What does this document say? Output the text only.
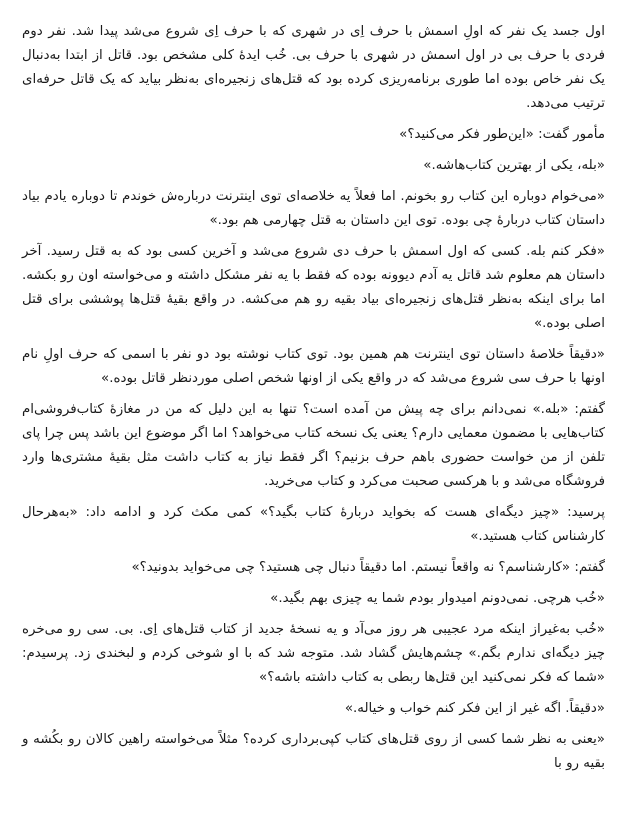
اول جسد یک نفر که اولِ اسمش با حرف اِی در شهری که با حرف اِی شروع می‌شد پیدا شد. نفر دوم فردی با حرف بی در اول اسمش در شهری با حرف بی. خُب ایدهٔ کلی مشخص بود. قاتل از ابتدا به‌دنبال یک نفر خاص بوده اما طوری برنامه‌ریزی کرده بود که قتل‌های زنجیره‌ای به‌نظر بیاید که یک قاتل حرفه‌ای ترتیب می‌دهد.

مأمور گفت: «این‌طور فکر می‌کنید؟»

«بله، یکی از بهترین کتاب‌هاشه.»

«می‌خوام دوباره این کتاب رو بخونم. اما فعلاً یه خلاصه‌ای توی اینترنت درباره‌ش خوندم تا دوباره یادم بیاد داستان کتاب دربارهٔ چی بوده. توی این داستان به قتل چهارمی هم بود.»

«فکر کنم بله. کسی که اول اسمش با حرف دی شروع می‌شد و آخرین کسی بود که به قتل رسید. آخر داستان هم معلوم شد قاتل یه آدم دیوونه بوده که فقط با یه نفر مشکل داشته و می‌خواسته اون رو بکشه. اما برای اینکه به‌نظر قتل‌های زنجیره‌ای بیاد بقیه رو هم می‌کشه. در واقع بقیهٔ قتل‌ها پوششی برای قتل اصلی بوده.»

«دقیقاً خلاصهٔ داستان توی اینترنت هم همین بود. توی کتاب نوشته بود دو نفر با اسمی که حرف اولِ نام اونها با حرف سی شروع می‌شد که در واقع یکی از اونها شخص اصلی موردنظر قاتل بوده.»

گفتم: «بله.» نمی‌دانم برای چه پیش من آمده است؟ تنها به این دلیل که من در مغازهٔ کتاب‌فروشی‌ام کتاب‌هایی با مضمون معمایی دارم؟ یعنی یک نسخه کتاب می‌خواهد؟ اما اگر موضوع این باشد پس چرا پای تلفن از من خواست حضوری باهم حرف بزنیم؟ اگر فقط نیاز به کتاب داشت مثل بقیهٔ مشتری‌ها وارد فروشگاه می‌شد و با هرکسی صحبت می‌کرد و کتاب می‌خرید.

پرسید: «چیز دیگه‌ای هست که بخواید دربارهٔ کتاب بگید؟» کمی مکث کرد و ادامه داد: «به‌هرحال کارشناس کتاب هستید.»

گفتم: «کارشناسم؟ نه واقعاً نیستم. اما دقیقاً دنبال چی هستید؟ چی می‌خواید بدونید؟»

«خُب هرچی. نمی‌دونم امیدوار بودم شما یه چیزی بهم بگید.»

«خُب به‌غیراز اینکه مرد عجیبی هر روز می‌آد و یه نسخهٔ جدید از کتاب قتل‌های اِی. بی. سی رو می‌خره چیز دیگه‌ای ندارم بگم.» چشم‌هایش گشاد شد. متوجه شد که با او شوخی کردم و لبخندی زد. پرسیدم: «شما که فکر نمی‌کنید این قتل‌ها ربطی به کتاب داشته باشه؟»

«دقیقاً. اگه غیر از این فکر کنم خواب و خیاله.»

«یعنی به نظر شما کسی از روی قتل‌های کتاب کپی‌برداری کرده؟ مثلاً می‌خواسته راهین کالان رو بکُشه و بقیه رو با
